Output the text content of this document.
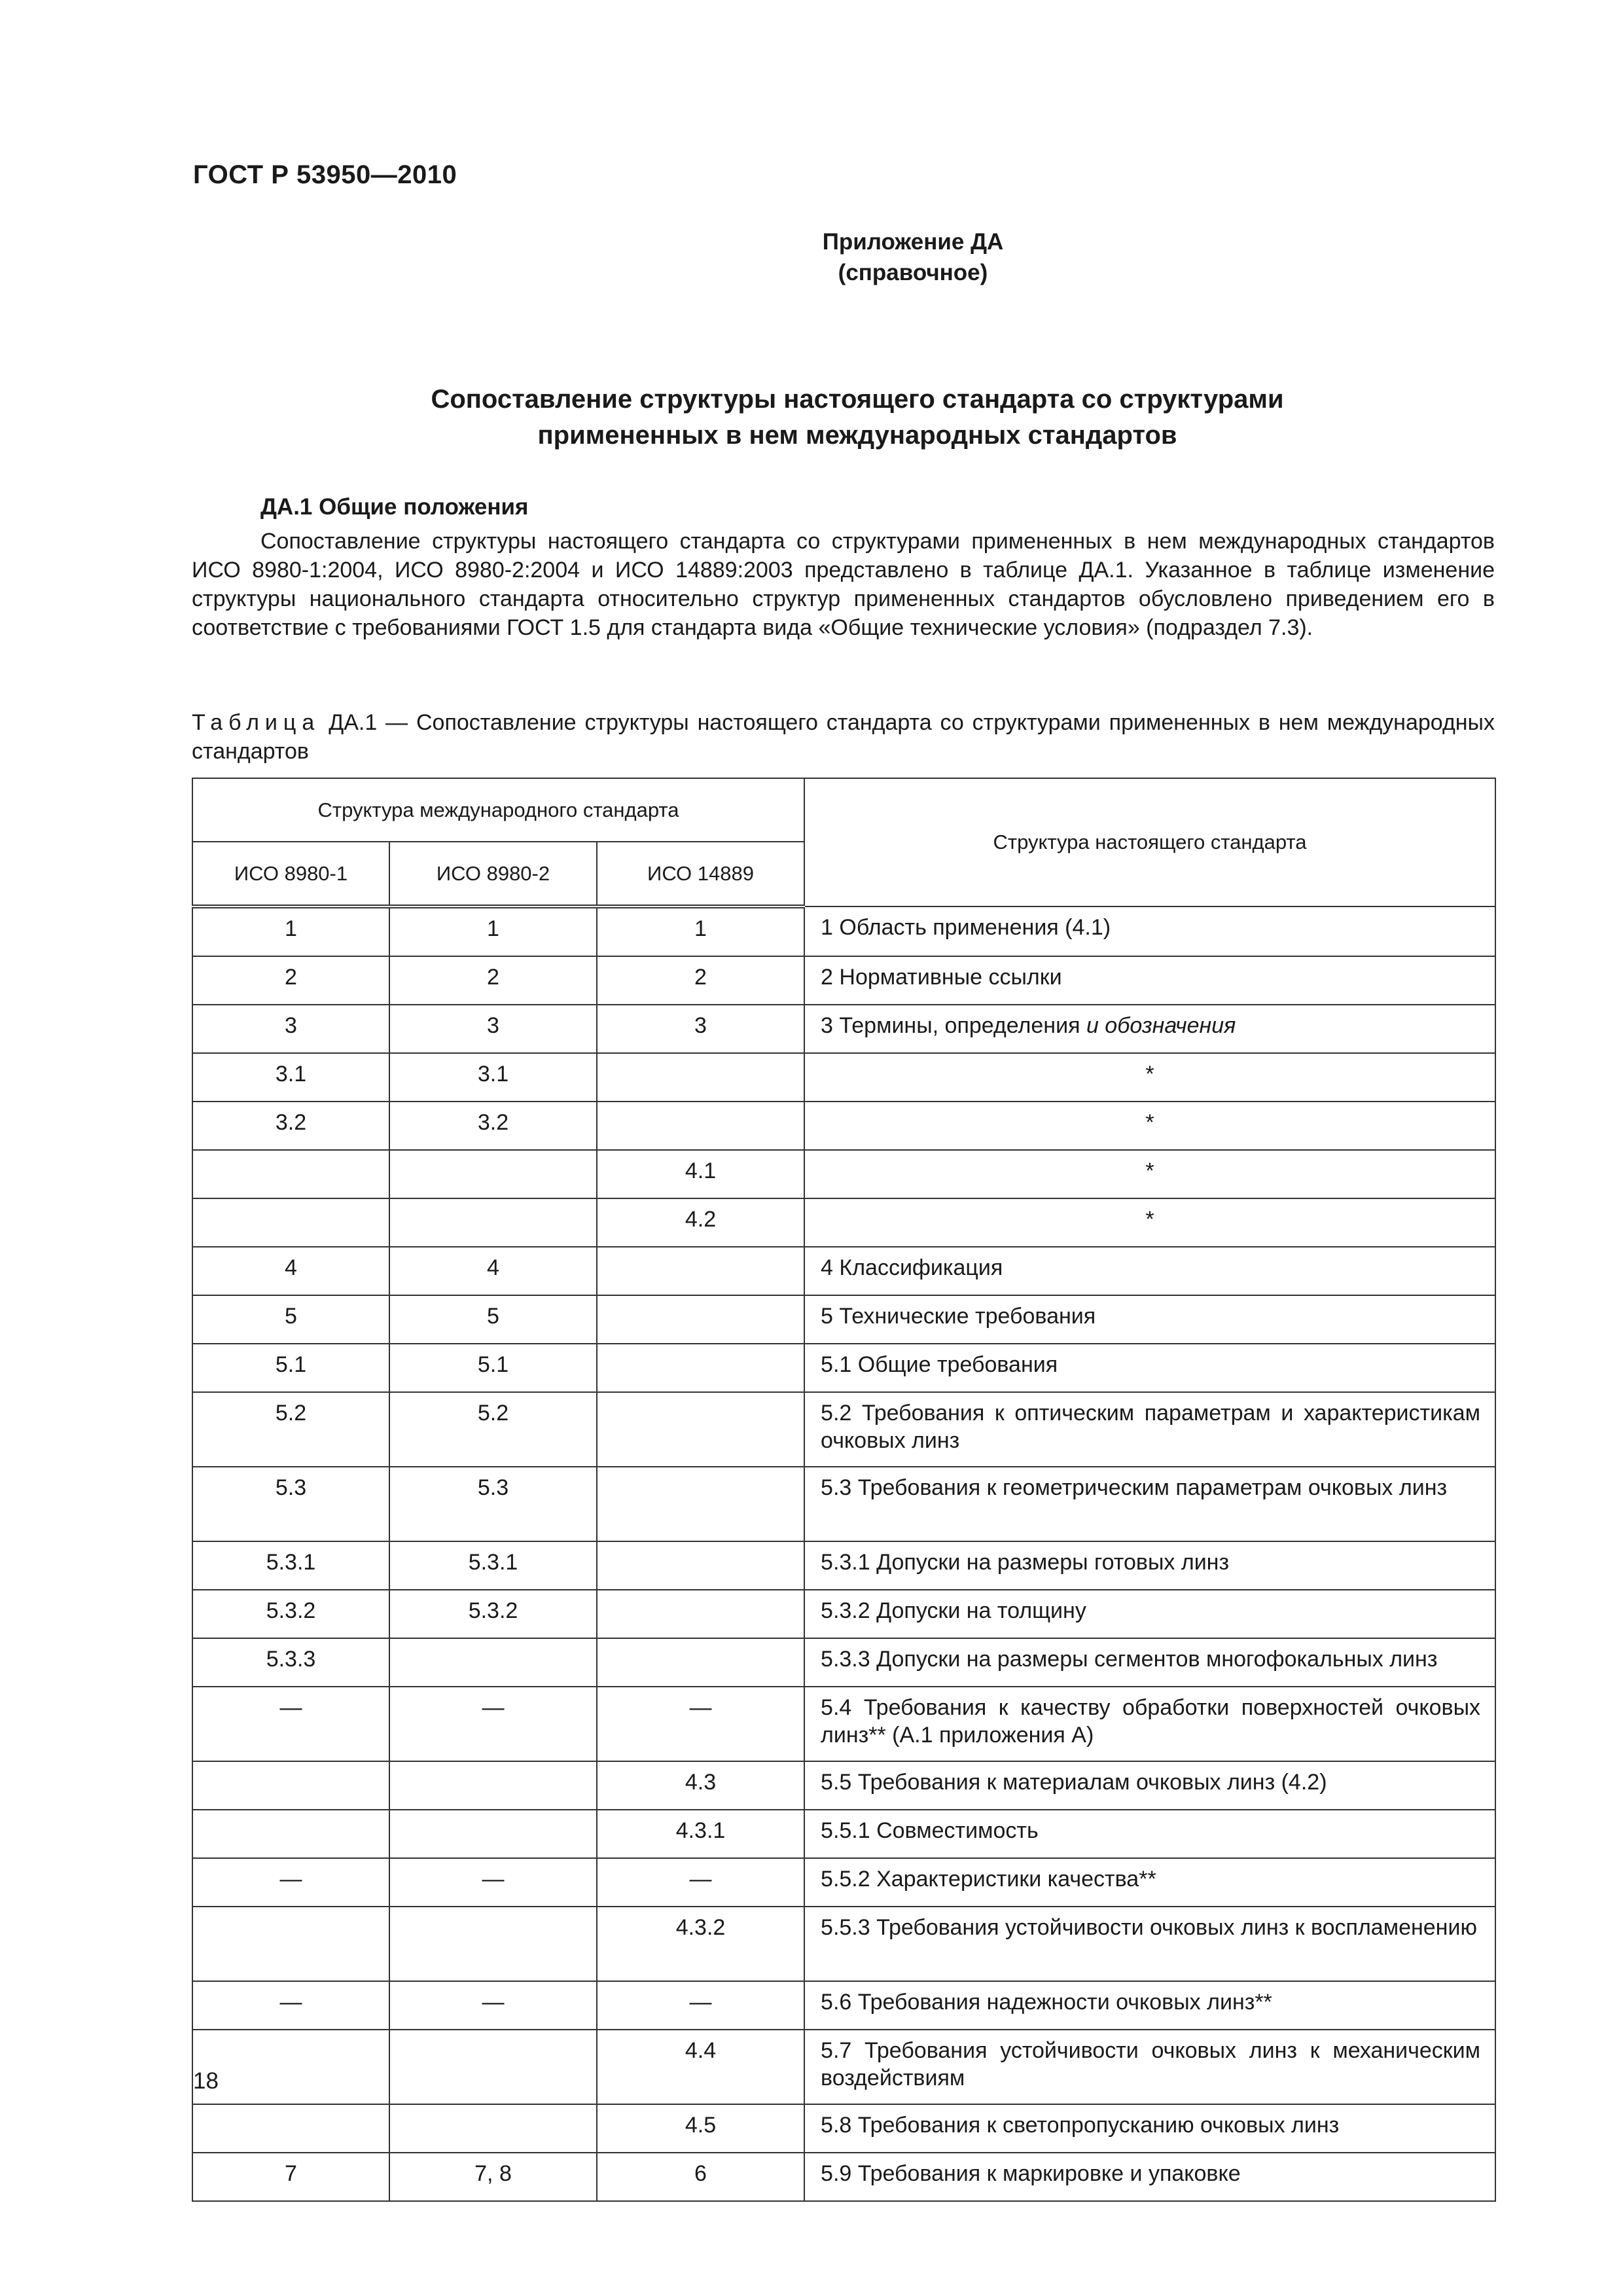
ГОСТ Р 53950—2010
Приложение ДА
(справочное)
Сопоставление структуры настоящего стандарта со структурами
примененных в нем международных стандартов
ДА.1 Общие положения

Сопоставление структуры настоящего стандарта со структурами примененных в нем международных стандартов ИСО 8980-1:2004, ИСО 8980-2:2004 и ИСО 14889:2003 представлено в таблице ДА.1. Указанное в таблице изменение структуры национального стандарта относительно структур примененных стандартов обусловлено приведением его в соответствие с требованиями ГОСТ 1.5 для стандарта вида «Общие технические условия» (подраздел 7.3).

Таблица ДА.1 — Сопоставление структуры настоящего стандарта со структурами примененных в нем международных стандартов
Структура международного стандарта			Структура настоящего стандарта
ИСО 8980-1	ИСО 8980-2	ИСО 14889	
1	1	1	1 Область применения (4.1)
2	2	2	2 Нормативные ссылки
3	3	3	3 Термины, определения и обозначения
3.1	3.1		*
3.2	3.2		*
		4.1	*
		4.2	*
4	4		4 Классификация
5	5		5 Технические требования
5.1	5.1		5.1 Общие требования
5.2	5.2		5.2 Требования к оптическим параметрам и характеристикам очковых линз
5.3	5.3		5.3 Требования к геометрическим параметрам очковых линз
5.3.1	5.3.1		5.3.1 Допуски на размеры готовых линз
5.3.2	5.3.2		5.3.2 Допуски на толщину
5.3.3			5.3.3 Допуски на размеры сегментов многофокальных линз
—	—	—	5.4 Требования к качеству обработки поверхностей очковых линз** (А.1 приложения А)
		4.3	5.5 Требования к материалам очковых линз (4.2)
		4.3.1	5.5.1 Совместимость
—	—	—	5.5.2 Характеристики качества**
		4.3.2	5.5.3 Требования устойчивости очковых линз к воспламенению
—	—	—	5.6 Требования надежности очковых линз**
		4.4	5.7 Требования устойчивости очковых линз к механическим воздействиям
		4.5	5.8 Требования к светопропусканию очковых линз
7	7, 8	6	5.9 Требования к маркировке и упаковке
18
